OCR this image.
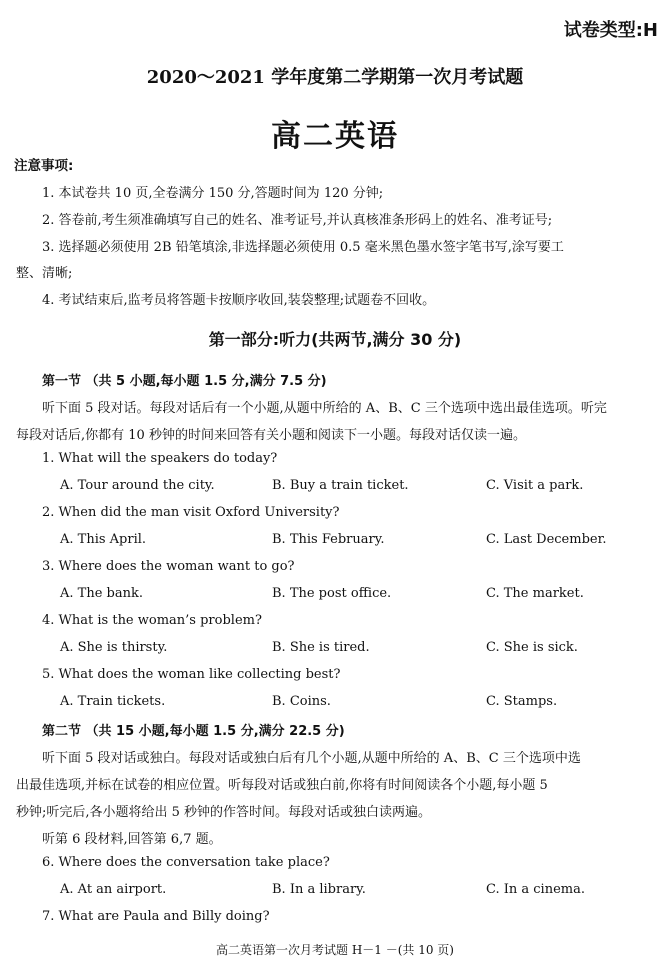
试卷类型:H
2020～2021 学年度第二学期第一次月考试题
高二英语
注意事项:
1. 本试卷共 10 页,全卷满分 150 分,答题时间为 120 分钟;
2. 答卷前,考生须准确填写自己的姓名、准考证号,并认真核准条形码上的姓名、准考证号;
3. 选择题必须使用 2B 铅笔填涂,非选择题必须使用 0.5 毫米黑色墨水签字笔书写,涂写要工
整、清晰;
4. 考试结束后,监考员将答题卡按顺序收回,装袋整理;试题卷不回收。
第一部分:听力(共两节,满分 30 分)
第一节 （共 5 小题,每小题 1.5 分,满分 7.5 分)
听下面 5 段对话。每段对话后有一个小题,从题中所给的 A、B、C 三个选项中选出最佳选项。听完
每段对话后,你都有 10 秒钟的时间来回答有关小题和阅读下一小题。每段对话仅读一遍。
1. What will the speakers do today?
A. Tour around the city.	B. Buy a train ticket.	C. Visit a park.
2. When did the man visit Oxford University?
A. This April.	B. This February.	C. Last December.
3. Where does the woman want to go?
A. The bank.	B. The post office.	C. The market.
4. What is the woman’s problem?
A. She is thirsty.	B. She is tired.	C. She is sick.
5. What does the woman like collecting best?
A. Train tickets.	B. Coins.	C. Stamps.
第二节 （共 15 小题,每小题 1.5 分,满分 22.5 分)
听下面 5 段对话或独白。每段对话或独白后有几个小题,从题中所给的 A、B、C 三个选项中选
出最佳选项,并标在试卷的相应位置。听每段对话或独白前,你将有时间阅读各个小题,每小题 5
秒钟;听完后,各小题将给出 5 秒钟的作答时间。每段对话或独白读两遍。
听第 6 段材料,回答第 6,7 题。
6. Where does the conversation take place?
A. At an airport.	B. In a library.	C. In a cinema.
7. What are Paula and Billy doing?
高二英语第一次月考试题 H－1 －(共 10 页)
